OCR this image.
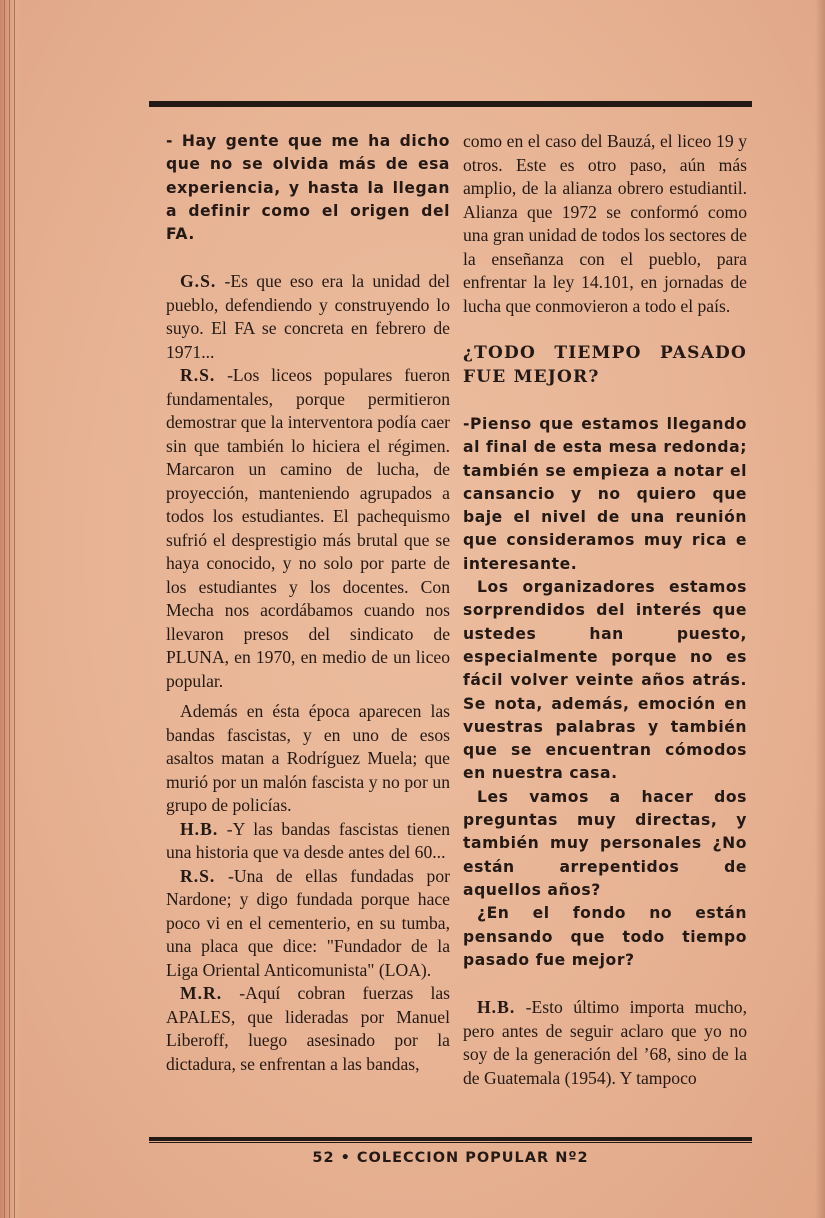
- Hay gente que me ha dicho que no se olvida más de esa experiencia, y hasta la llegan a definir como el origen del FA.

G.S. -Es que eso era la unidad del pueblo, defendiendo y construyendo lo suyo. El FA se concreta en febrero de 1971...

R.S. -Los liceos populares fueron fundamentales, porque permitieron demostrar que la interventora podía caer sin que también lo hiciera el régimen. Marcaron un camino de lucha, de proyección, manteniendo agrupados a todos los estudiantes. El pachequismo sufrió el desprestigio más brutal que se haya conocido, y no solo por parte de los estudiantes y los docentes. Con Mecha nos acordábamos cuando nos llevaron presos del sindicato de PLUNA, en 1970, en medio de un liceo popular.

Además en ésta época aparecen las bandas fascistas, y en uno de esos asaltos matan a Rodríguez Muela; que murió por un malón fascista y no por un grupo de policías.

H.B. -Y las bandas fascistas tienen una historia que va desde antes del 60...

R.S. -Una de ellas fundadas por Nardone; y digo fundada porque hace poco vi en el cementerio, en su tumba, una placa que dice: "Fundador de la Liga Oriental Anticomunista" (LOA).

M.R. -Aquí cobran fuerzas las APALES, que lideradas por Manuel Liberoff, luego asesinado por la dictadura, se enfrentan a las bandas,

como en el caso del Bauzá, el liceo 19 y otros. Este es otro paso, aún más amplio, de la alianza obrero estudiantil. Alianza que 1972 se conformó como una gran unidad de todos los sectores de la enseñanza con el pueblo, para enfrentar la ley 14.101, en jornadas de lucha que conmovieron a todo el país.

¿TODO TIEMPO PASADO FUE MEJOR?

-Pienso que estamos llegando al final de esta mesa redonda; también se empieza a notar el cansancio y no quiero que baje el nivel de una reunión que consideramos muy rica e interesante.

Los organizadores estamos sorprendidos del interés que ustedes han puesto, especialmente porque no es fácil volver veinte años atrás. Se nota, además, emoción en vuestras palabras y también que se encuentran cómodos en nuestra casa.

Les vamos a hacer dos preguntas muy directas, y también muy personales ¿No están arrepentidos de aquellos años?

¿En el fondo no están pensando que todo tiempo pasado fue mejor?

H.B. -Esto último importa mucho, pero antes de seguir aclaro que yo no soy de la generación del ’68, sino de la de Guatemala (1954). Y tampoco

52 • COLECCION POPULAR Nº2
